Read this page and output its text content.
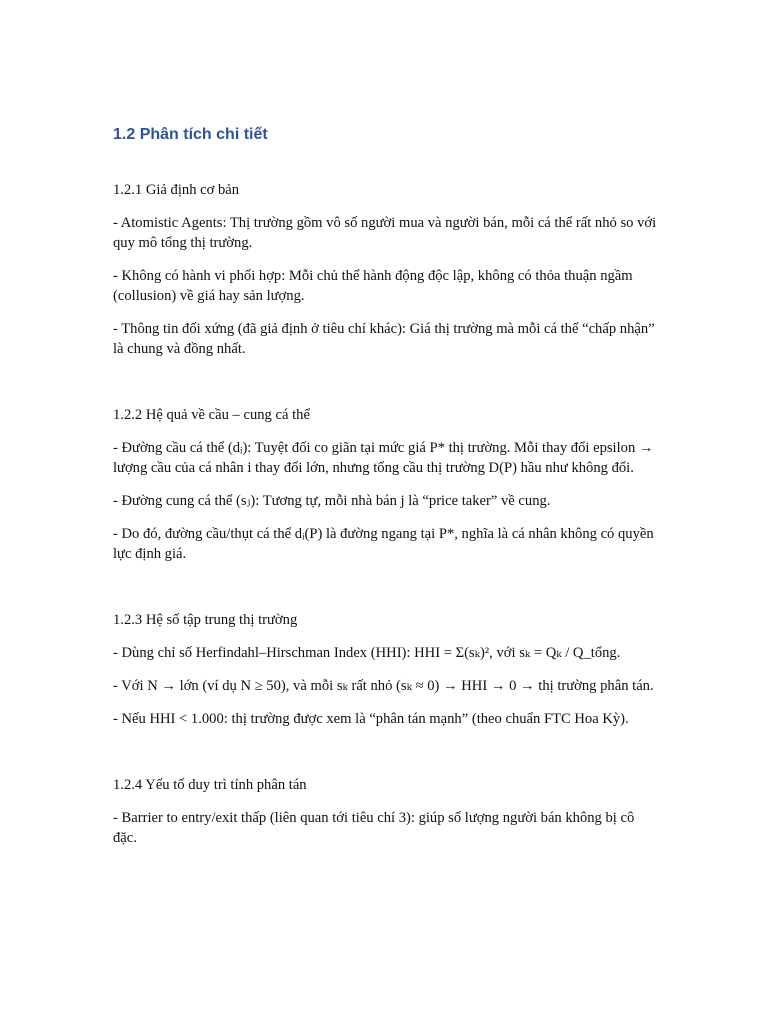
1.2 Phân tích chi tiết
1.2.1 Giả định cơ bản
- Atomistic Agents: Thị trường gồm vô số người mua và người bán, mỗi cá thể rất nhỏ so với quy mô tổng thị trường.
- Không có hành vi phối hợp: Mỗi chủ thể hành động độc lập, không có thỏa thuận ngầm (collusion) về giá hay sản lượng.
- Thông tin đối xứng (đã giả định ở tiêu chí khác): Giá thị trường mà mỗi cá thể “chấp nhận” là chung và đồng nhất.
1.2.2 Hệ quả về cầu – cung cá thể
- Đường cầu cá thể (dᵢ): Tuyệt đối co giãn tại mức giá P* thị trường. Mỗi thay đổi epsilon → lượng cầu của cá nhân i thay đổi lớn, nhưng tổng cầu thị trường D(P) hầu như không đổi.
- Đường cung cá thể (sⱼ): Tương tự, mỗi nhà bán j là “price taker” về cung.
- Do đó, đường cầu/thụt cá thể dᵢ(P) là đường ngang tại P*, nghĩa là cá nhân không có quyền lực định giá.
1.2.3 Hệ số tập trung thị trường
- Dùng chỉ số Herfindahl–Hirschman Index (HHI): HHI = Σ(sₖ)², với sₖ = Qₖ / Q_tổng.
- Với N → lớn (ví dụ N ≥ 50), và mỗi sₖ rất nhỏ (sₖ ≈ 0) → HHI → 0 → thị trường phân tán.
- Nếu HHI < 1.000: thị trường được xem là “phân tán mạnh” (theo chuẩn FTC Hoa Kỳ).
1.2.4 Yếu tố duy trì tính phân tán
- Barrier to entry/exit thấp (liên quan tới tiêu chí 3): giúp số lượng người bán không bị cô đặc.
